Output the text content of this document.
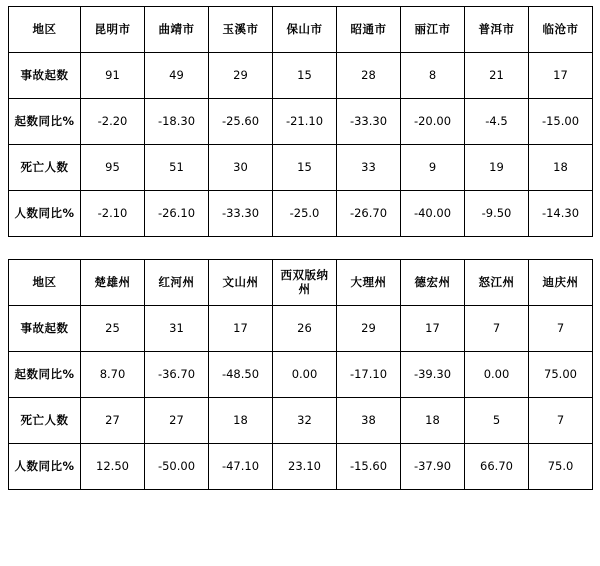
地区	昆明市	曲靖市	玉溪市	保山市	昭通市	丽江市	普洱市	临沧市
事故起数	91	49	29	15	28	8	21	17
起数同比%	-2.20	-18.30	-25.60	-21.10	-33.30	-20.00	-4.5	-15.00
死亡人数	95	51	30	15	33	9	19	18
人数同比%	-2.10	-26.10	-33.30	-25.0	-26.70	-40.00	-9.50	-14.30
地区	楚雄州	红河州	文山州	西双版纳州	大理州	德宏州	怒江州	迪庆州
事故起数	25	31	17	26	29	17	7	7
起数同比%	8.70	-36.70	-48.50	0.00	-17.10	-39.30	0.00	75.00
死亡人数	27	27	18	32	38	18	5	7
人数同比%	12.50	-50.00	-47.10	23.10	-15.60	-37.90	66.70	75.0
